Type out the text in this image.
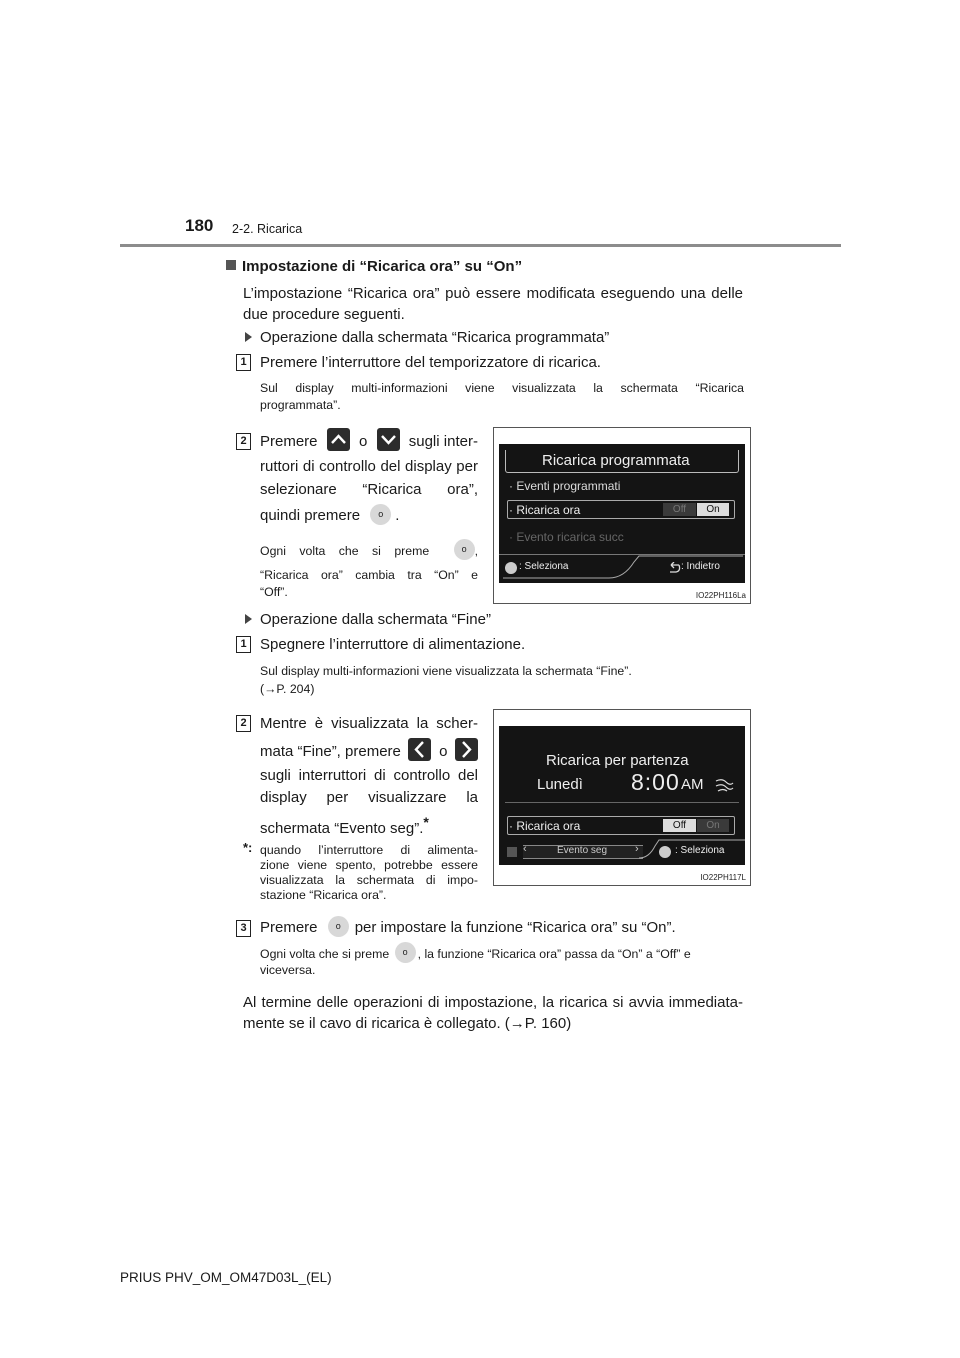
180 2-2. Ricarica
Impostazione di “Ricarica ora” su “On”
L’impostazione “Ricarica ora” può essere modificata eseguendo una delle
due procedure seguenti.
Operazione dalla schermata “Ricarica programmata”
1 Premere l’interruttore del temporizzatore di ricarica.
Sul display multi-informazioni viene visualizzata la schermata “Ricarica
programmata”.
2 Premere	o	sugli inter-
ruttori di controllo del display per
selezionare “Ricarica ora”,
quindi premere o .
Ogni volta che si preme	o ,
“Ricarica ora” cambia tra “On” e
“Off”.
Ricarica programmata
· Eventi programmati
· Ricarica ora	Off	On
· Evento ricarica succ
: Seleziona	: Indietro
IO22PH116La
Operazione dalla schermata “Fine”
1 Spegnere l’interruttore di alimentazione.
Sul display multi-informazioni viene visualizzata la schermata “Fine”.
(→P. 204)
2 Mentre è visualizzata la scher-
mata “Fine”, premere	o
sugli interruttori di controllo del
display per visualizzare la
schermata “Evento seg”.*
*: quando l’interruttore di alimenta-
zione viene spento, potrebbe essere
visualizzata la schermata di impo-
stazione “Ricarica ora”.
Ricarica per partenza
Lunedì 8:00 AM
· Ricarica ora	Off	On
‹	›
Evento seg	: Seleziona
IO22PH117L
3 Premere o per impostare la funzione “Ricarica ora” su “On”.
Ogni volta che si preme o , la funzione “Ricarica ora” passa da “On” a “Off” e
viceversa.
Al termine delle operazioni di impostazione, la ricarica si avvia immediata-
mente se il cavo di ricarica è collegato. (→P. 160)
PRIUS PHV_OM_OM47D03L_(EL)
